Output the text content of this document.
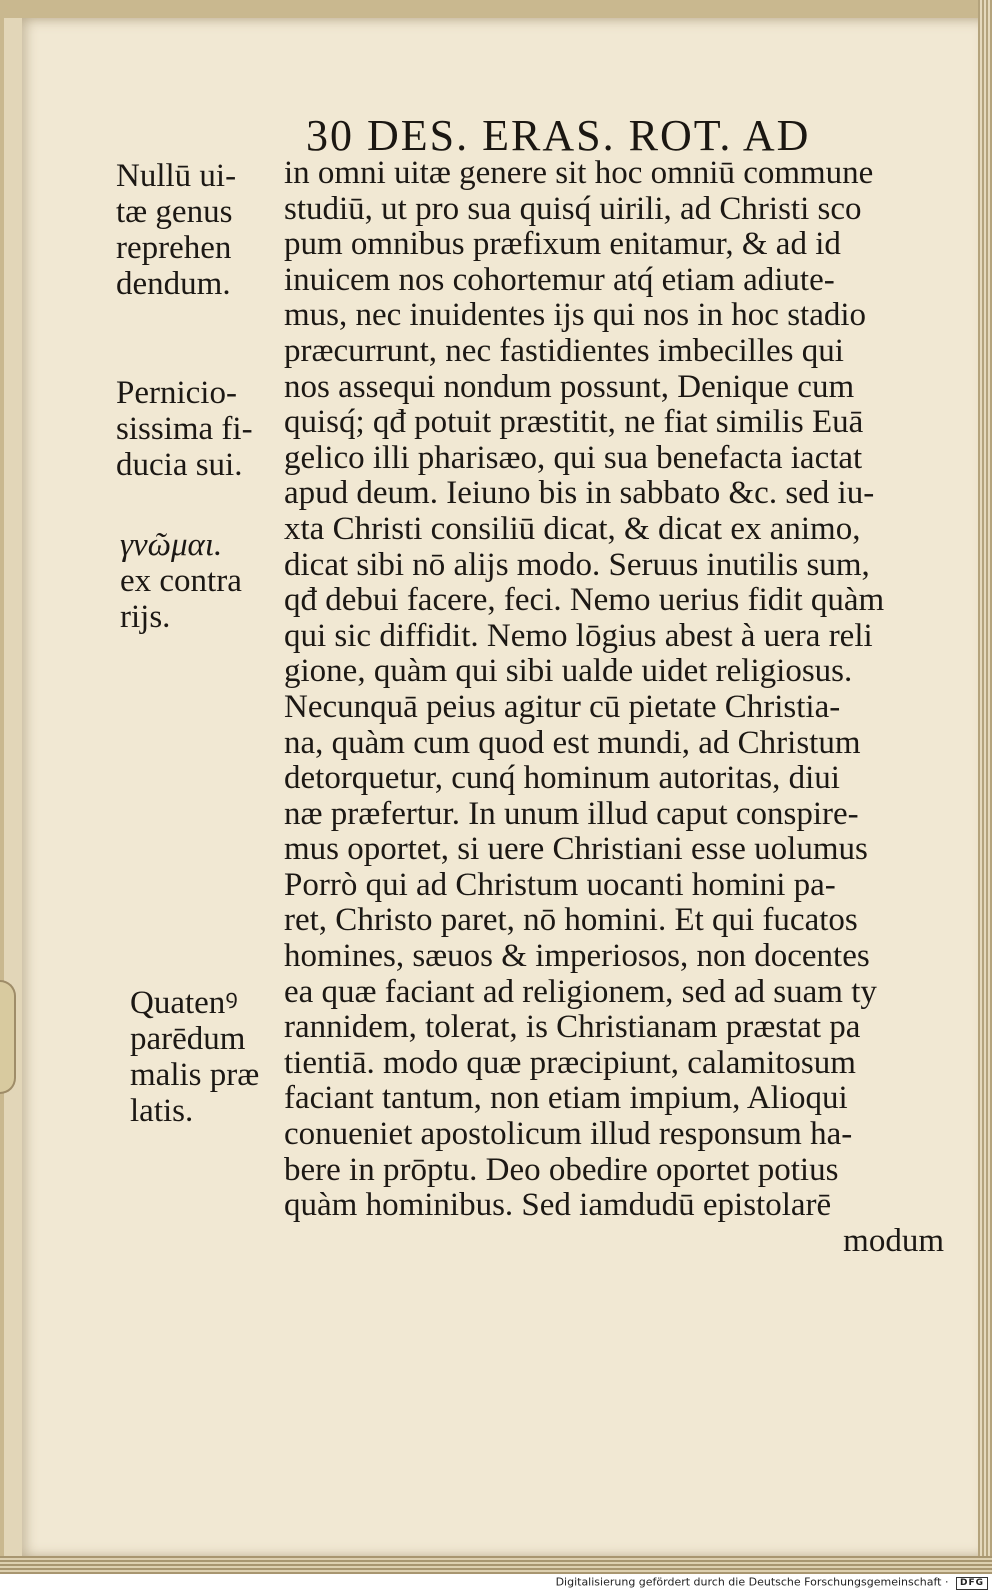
30 DES. ERAS. ROT. AD
in omni uitæ genere sit hoc omniū commune
studiū, ut pro sua quisq́ uirili, ad Christi sco
pum omnibus præfixum enitamur, & ad id
inuicem nos cohortemur atq́ etiam adiute-
mus, nec inuidentes ijs qui nos in hoc stadio
præcurrunt, nec fastidientes imbecilles qui
nos assequi nondum possunt, Denique cum
quisq́; qđ potuit præstitit, ne fiat similis Euā
gelico illi pharisæo, qui sua benefacta iactat
apud deum. Ieiuno bis in sabbato &c. sed iu-
xta Christi consiliū dicat, & dicat ex animo,
dicat sibi nō alijs modo. Seruus inutilis sum,
qđ debui facere, feci. Nemo uerius fidit quàm
qui sic diffidit. Nemo lōgius abest à uera reli
gione, quàm qui sibi ualde uidet religiosus.
Necunquā peius agitur cū pietate Christia-
na, quàm cum quod est mundi, ad Christum
detorquetur, cunq́ hominum autoritas, diui
næ præfertur. In unum illud caput conspire-
mus oportet, si uere Christiani esse uolumus
Porrò qui ad Christum uocanti homini pa-
ret, Christo paret, nō homini. Et qui fucatos
homines, sæuos & imperiosos, non docentes
ea quæ faciant ad religionem, sed ad suam ty
rannidem, tolerat, is Christianam præstat pa
tientiā. modo quæ præcipiunt, calamitosum
faciant tantum, non etiam impium, Alioqui
conueniet apostolicum illud responsum ha-
bere in prōptu. Deo obedire oportet potius
quàm hominibus. Sed iamdudū epistolarē
modum
Nullū ui-
tæ genus
reprehen
dendum.
Pernicio-
sissima fi-
ducia sui.
γνῶμαι.
ex contra
rijs.
Quatenꝰ
parēdum
malis præ
latis.
Digitalisierung gefördert durch die Deutsche Forschungsgemeinschaft · DFG
